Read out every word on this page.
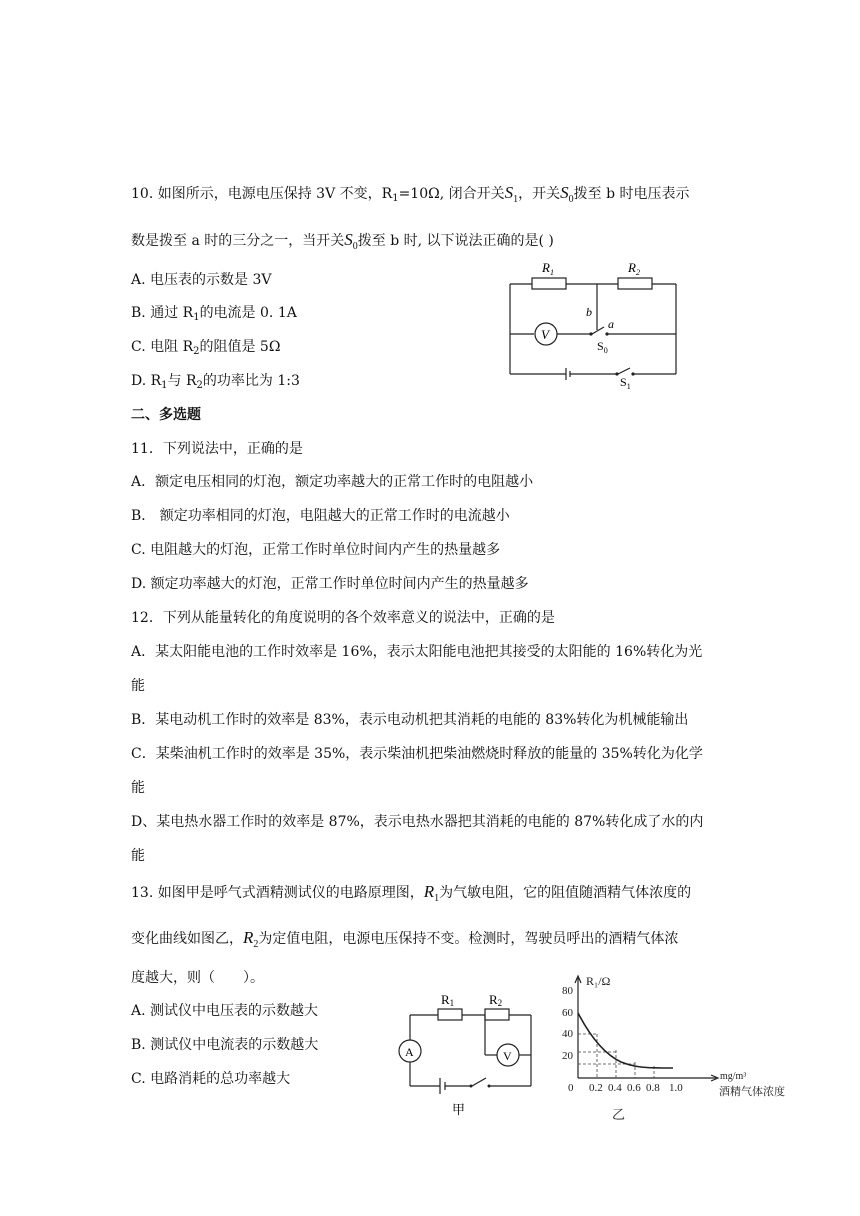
10. 如图所示，电源电压保持 3V 不变，$R_1=10\Omega$, 闭合开关$S_1$，开关$S_0$拨至 b 时电压表示
数是拨至 a 时的三分之一，当开关$S_0$拨至 b 时, 以下说法正确的是( )
A. 电压表的示数是 3V
B. 通过 $R_1$的电流是 0. 1A
C. 电阻 $R_2$的阻值是 5Ω
D. $R_1$与 $R_2$的功率比为 1:3
$R_1$	$R_2$
b
a
V
$S_0$
$S_1$
二、多选题
11．下列说法中，正确的是
A．额定电压相同的灯泡，额定功率越大的正常工作时的电阻越小
B． 额定功率相同的灯泡，电阻越大的正常工作时的电流越小
C. 电阻越大的灯泡，正常工作时单位时间内产生的热量越多
D. 额定功率越大的灯泡，正常工作时单位时间内产生的热量越多
12．下列从能量转化的角度说明的各个效率意义的说法中，正确的是
A．某太阳能电池的工作时效率是 16%，表示太阳能电池把其接受的太阳能的 16%转化为光
能
B．某电动机工作时的效率是 83%，表示电动机把其消耗的电能的 83%转化为机械能输出
C．某柴油机工作时的效率是 35%，表示柴油机把柴油燃烧时释放的能量的 35%转化为化学
能
D、某电热水器工作时的效率是 87%，表示电热水器把其消耗的电能的 87%转化成了水的内
能
13. 如图甲是呼气式酒精测试仪的电路原理图，$R_1$为气敏电阻，它的阻值随酒精气体浓度的
变化曲线如图乙，$R_2$为定值电阻，电源电压保持不变。检测时，驾驶员呼出的酒精气体浓
度越大，则（　　）。
A. 测试仪中电压表的示数越大
B. 测试仪中电流表的示数越大
C. 电路消耗的总功率越大
R1	R2
A	V
甲
80
60
40
20
0 0.2 0.4 0.6 0.8 1.0
R₁/Ω
mg/m³
酒精气体浓度
乙
